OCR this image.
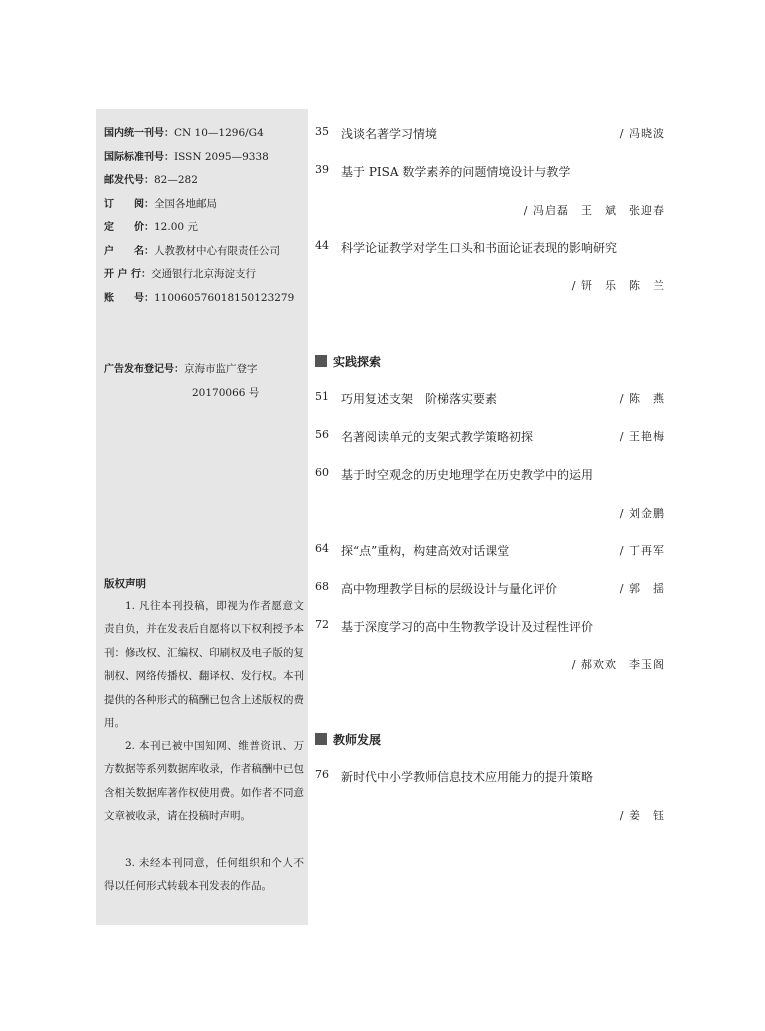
国内统一刊号：CN 10—1296/G4
国际标准刊号：ISSN 2095—9338
邮发代号：82—282
订　　阅：全国各地邮局
定　　价：12.00 元
户　　名：人教教材中心有限责任公司
开 户 行：交通银行北京海淀支行
账　　号：110060576018150123279
广告发布登记号：京海市监广登字
20170066 号
版权声明

1. 凡往本刊投稿，即视为作者愿意文责自负，并在发表后自愿将以下权利授予本刊：修改权、汇编权、印刷权及电子版的复制权、网络传播权、翻译权、发行权。本刊提供的各种形式的稿酬已包含上述版权的费用。

2. 本刊已被中国知网、维普资讯、万方数据等系列数据库收录，作者稿酬中已包含相关数据库著作权使用费。如作者不同意文章被收录，请在投稿时声明。

3. 未经本刊同意，任何组织和个人不得以任何形式转载本刊发表的作品。

35 浅谈名著学习情境	/ 冯晓波
39 基于 PISA 数学素养的问题情境设计与教学
/ 冯启磊　王　斌　张迎春
44 科学论证教学对学生口头和书面论证表现的影响研究
/ 钘　乐　陈　兰
实践探索
51 巧用复述支架　阶梯落实要素	/ 陈　燕
56 名著阅读单元的支架式教学策略初探	/ 王艳梅
60 基于时空观念的历史地理学在历史教学中的运用
/ 刘金鹏
64 探“点”重构，构建高效对话课堂	/ 丁再军
68 高中物理教学目标的层级设计与量化评价	/ 郭　揺
72 基于深度学习的高中生物教学设计及过程性评价
/ 郝欢欢　李玉阁
教师发展
76 新时代中小学教师信息技术应用能力的提升策略
/ 姜　钰
